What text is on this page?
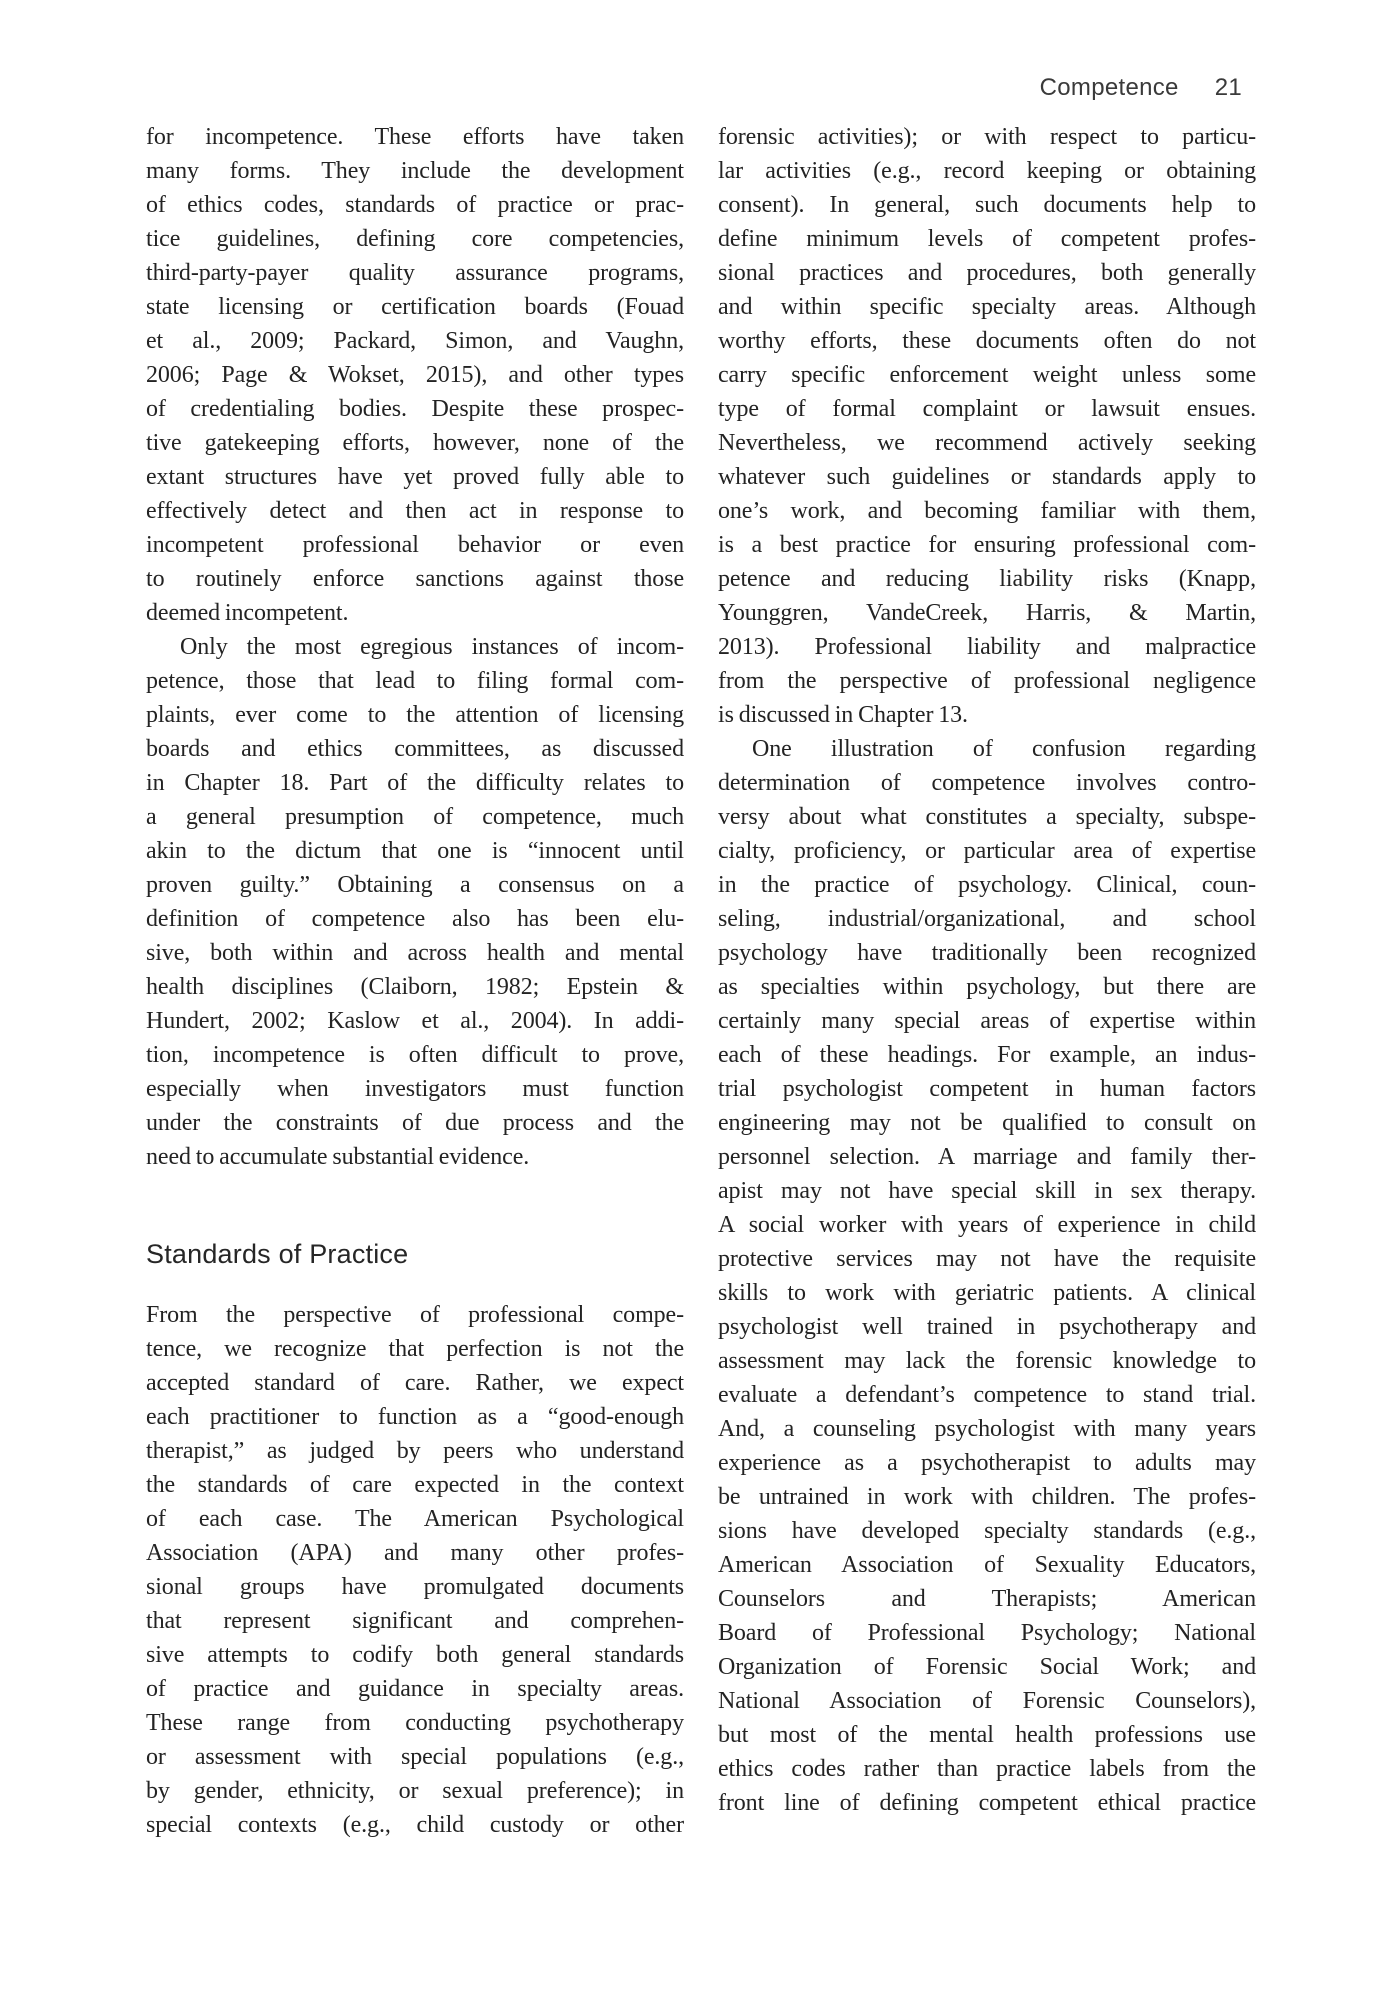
Competence 21
for incompetence. These efforts have taken
many forms. They include the development
of ethics codes, standards of practice or prac-
tice guidelines, defining core competencies,
third-party-payer quality assurance programs,
state licensing or certification boards (Fouad
et al., 2009; Packard, Simon, and Vaughn,
2006; Page & Wokset, 2015), and other types
of credentialing bodies. Despite these prospec-
tive gatekeeping efforts, however, none of the
extant structures have yet proved fully able to
effectively detect and then act in response to
incompetent professional behavior or even
to routinely enforce sanctions against those
deemed incompetent.
Only the most egregious instances of incom-
petence, those that lead to filing formal com-
plaints, ever come to the attention of licensing
boards and ethics committees, as discussed
in Chapter 18. Part of the difficulty relates to
a general presumption of competence, much
akin to the dictum that one is “innocent until
proven guilty.” Obtaining a consensus on a
definition of competence also has been elu-
sive, both within and across health and mental
health disciplines (Claiborn, 1982; Epstein &
Hundert, 2002; Kaslow et al., 2004). In addi-
tion, incompetence is often difficult to prove,
especially when investigators must function
under the constraints of due process and the
need to accumulate substantial evidence.
Standards of Practice
From the perspective of professional compe-
tence, we recognize that perfection is not the
accepted standard of care. Rather, we expect
each practitioner to function as a “good-enough
therapist,” as judged by peers who understand
the standards of care expected in the context
of each case. The American Psychological
Association (APA) and many other profes-
sional groups have promulgated documents
that represent significant and comprehen-
sive attempts to codify both general standards
of practice and guidance in specialty areas.
These range from conducting psychotherapy
or assessment with special populations (e.g.,
by gender, ethnicity, or sexual preference); in
special contexts (e.g., child custody or other
forensic activities); or with respect to particu-
lar activities (e.g., record keeping or obtaining
consent). In general, such documents help to
define minimum levels of competent profes-
sional practices and procedures, both generally
and within specific specialty areas. Although
worthy efforts, these documents often do not
carry specific enforcement weight unless some
type of formal complaint or lawsuit ensues.
Nevertheless, we recommend actively seeking
whatever such guidelines or standards apply to
one’s work, and becoming familiar with them,
is a best practice for ensuring professional com-
petence and reducing liability risks (Knapp,
Younggren, VandeCreek, Harris, & Martin,
2013). Professional liability and malpractice
from the perspective of professional negligence
is discussed in Chapter 13.
One illustration of confusion regarding
determination of competence involves contro-
versy about what constitutes a specialty, subspe-
cialty, proficiency, or particular area of expertise
in the practice of psychology. Clinical, coun-
seling, industrial/organizational, and school
psychology have traditionally been recognized
as specialties within psychology, but there are
certainly many special areas of expertise within
each of these headings. For example, an indus-
trial psychologist competent in human factors
engineering may not be qualified to consult on
personnel selection. A marriage and family ther-
apist may not have special skill in sex therapy.
A social worker with years of experience in child
protective services may not have the requisite
skills to work with geriatric patients. A clinical
psychologist well trained in psychotherapy and
assessment may lack the forensic knowledge to
evaluate a defendant’s competence to stand trial.
And, a counseling psychologist with many years
experience as a psychotherapist to adults may
be untrained in work with children. The profes-
sions have developed specialty standards (e.g.,
American Association of Sexuality Educators,
Counselors and Therapists; American
Board of Professional Psychology; National
Organization of Forensic Social Work; and
National Association of Forensic Counselors),
but most of the mental health professions use
ethics codes rather than practice labels from the
front line of defining competent ethical practice
